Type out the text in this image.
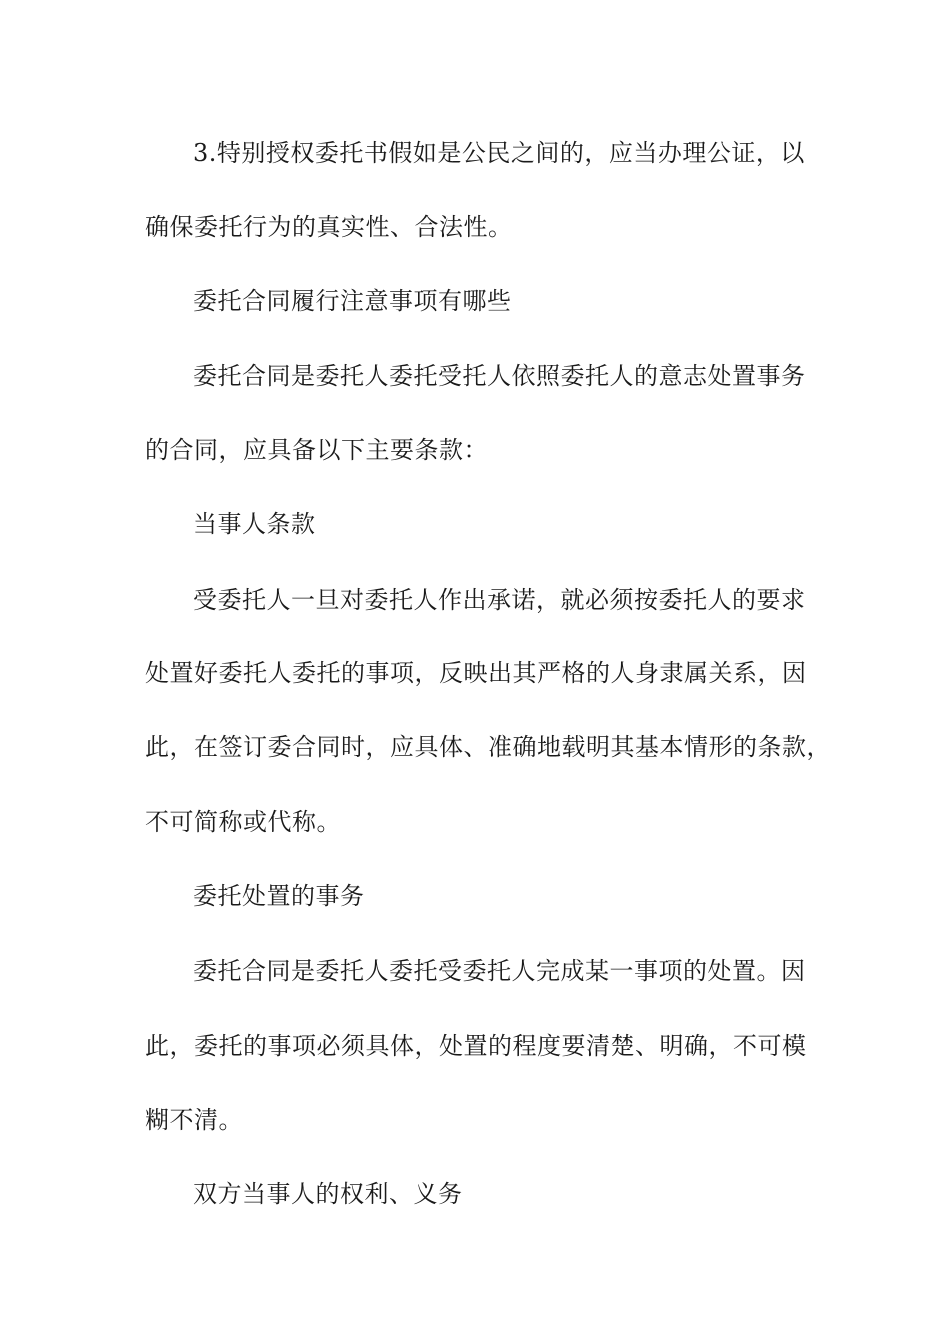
3.特别授权委托书假如是公民之间的，应当办理公证，以

确保委托行为的真实性、合法性。

委托合同履行注意事项有哪些

委托合同是委托人委托受托人依照委托人的意志处置事务

的合同，应具备以下主要条款：

当事人条款

受委托人一旦对委托人作出承诺，就必须按委托人的要求

处置好委托人委托的事项，反映出其严格的人身隶属关系，因

此，在签订委合同时，应具体、准确地载明其基本情形的条款，

不可简称或代称。

委托处置的事务

委托合同是委托人委托受委托人完成某一事项的处置。因

此，委托的事项必须具体，处置的程度要清楚、明确，不可模

糊不清。

双方当事人的权利、义务
